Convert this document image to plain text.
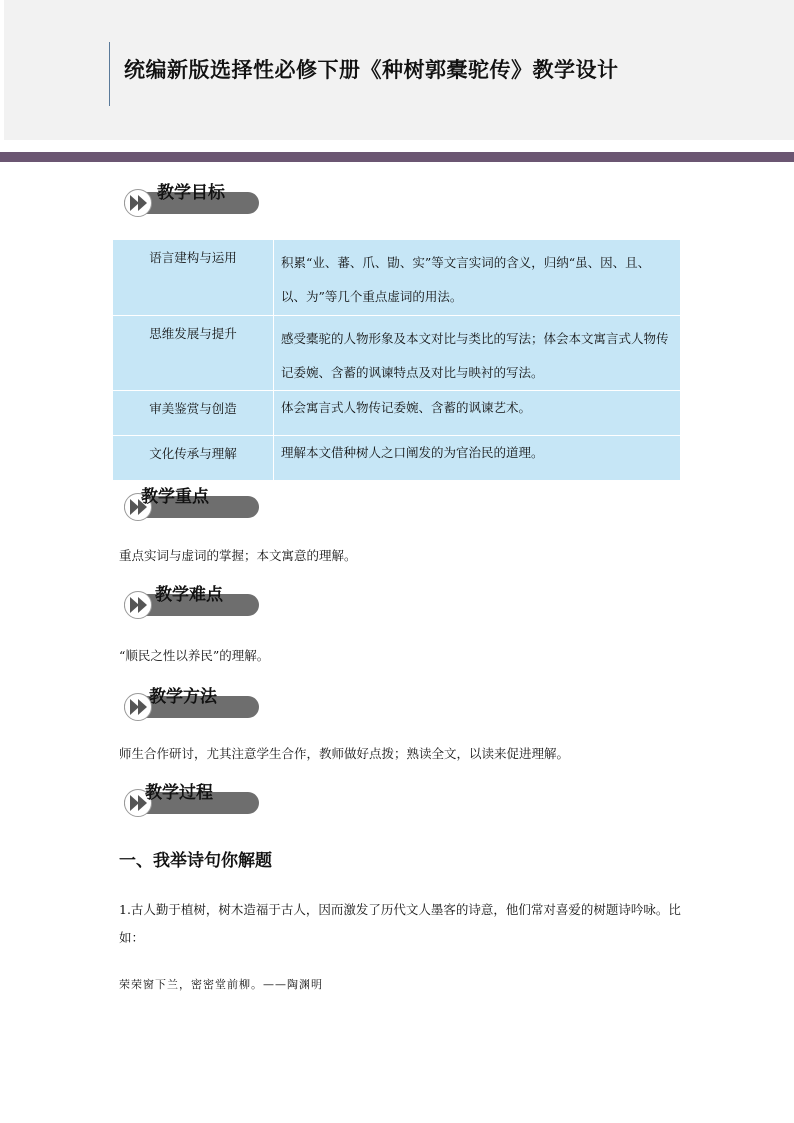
统编新版选择性必修下册《种树郭橐驼传》教学设计
教学目标
语言建构与运用	积累“业、蕃、爪、勖、实”等文言实词的含义，归纳“虽、因、且、以、为”等几个重点虚词的用法。
思维发展与提升	感受橐驼的人物形象及本文对比与类比的写法；体会本文寓言式人物传记委婉、含蓄的讽谏特点及对比与映衬的写法。
审美鉴赏与创造	体会寓言式人物传记委婉、含蓄的讽谏艺术。
文化传承与理解	理解本文借种树人之口阐发的为官治民的道理。
教学重点
重点实词与虚词的掌握；本文寓意的理解。
教学难点
“顺民之性以养民”的理解。
教学方法
师生合作研讨，尤其注意学生合作，教师做好点拨；熟读全文，以读来促进理解。
教学过程
一、我举诗句你解题
1.古人勤于植树，树木造福于古人，因而激发了历代文人墨客的诗意，他们常对喜爱的树题诗吟咏。比如：
荣荣窗下兰，密密堂前柳。——陶渊明
